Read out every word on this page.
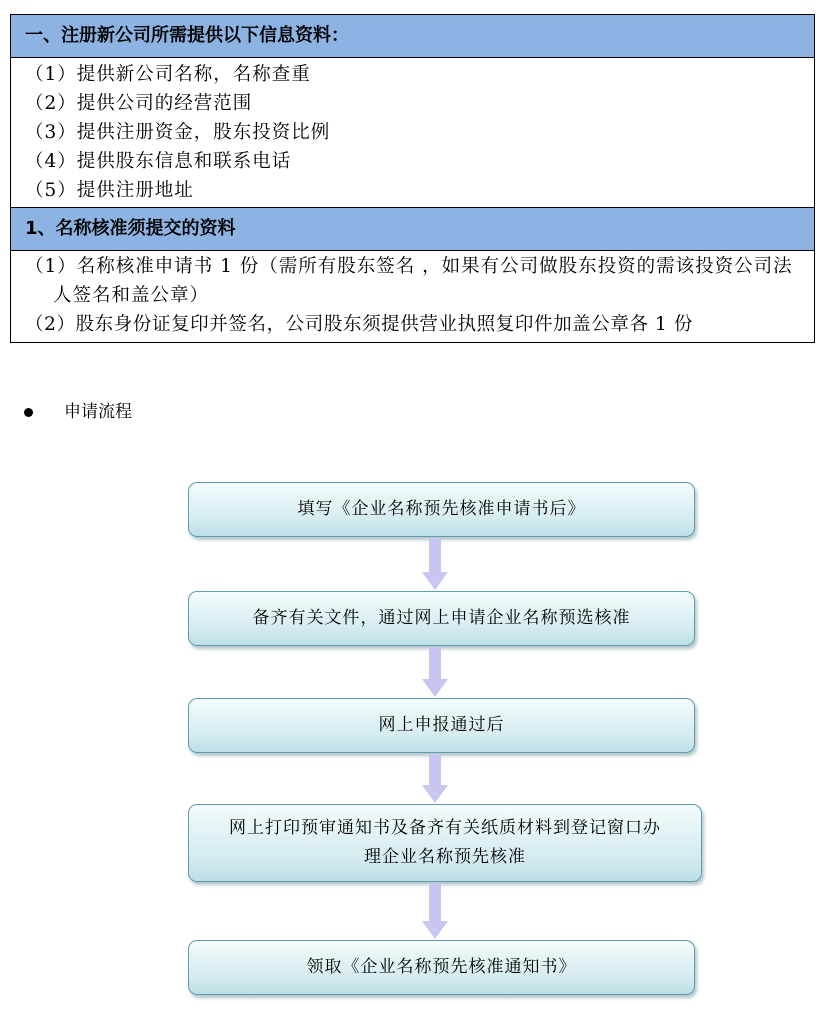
一、注册新公司所需提供以下信息资料：

（1）提供新公司名称，名称查重
（2）提供公司的经营范围
（3）提供注册资金，股东投资比例
（4）提供股东信息和联系电话
（5）提供注册地址

1、名称核准须提交的资料

（1）名称核准申请书 1 份（需所有股东签名 ，如果有公司做股东投资的需该投资公司法人签名和盖公章）
（2）股东身份证复印并签名，公司股东须提供营业执照复印件加盖公章各 1 份
申请流程
填写《企业名称预先核准申请书后》
备齐有关文件，通过网上申请企业名称预选核准
网上申报通过后
网上打印预审通知书及备齐有关纸质材料到登记窗口办理企业名称预先核准
领取《企业名称预先核准通知书》
